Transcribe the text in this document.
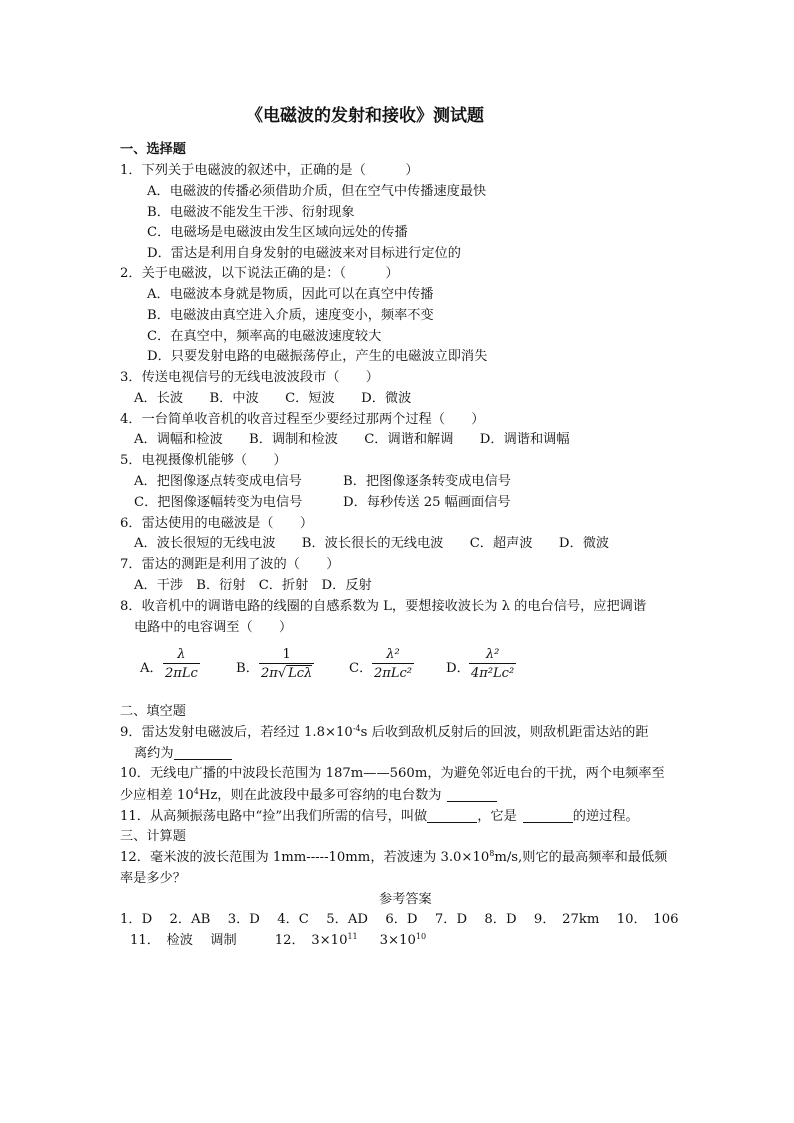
《电磁波的发射和接收》测试题
一、选择题
1．下列关于电磁波的叙述中，正确的是（　　　）
A．电磁波的传播必须借助介质，但在空气中传播速度最快
B．电磁波不能发生干涉、衍射现象
C．电磁场是电磁波由发生区域向远处的传播
D．雷达是利用自身发射的电磁波来对目标进行定位的
2．关于电磁波，以下说法正确的是：（　　　）
A．电磁波本身就是物质，因此可以在真空中传播
B．电磁波由真空进入介质，速度变小，频率不变
C．在真空中，频率高的电磁波速度较大
D．只要发射电路的电磁振荡停止，产生的电磁波立即消失
3．传送电视信号的无线电波波段市（　　）
A．长波　　B．中波　　C．短波　　D．微波
4．一台简单收音机的收音过程至少要经过那两个过程（　　）
A．调幅和检波　　B．调制和检波　　C．调谐和解调　　D．调谐和调幅
5．电视摄像机能够（　　）
A．把图像逐点转变成电信号	B．把图像逐条转变成电信号
C．把图像逐幅转变为电信号	D．每秒传送 25 幅画面信号
6．雷达使用的电磁波是（　　）
A．波长很短的无线电波　　B．波长很长的无线电波　　C．超声波　　D．微波
7．雷达的测距是利用了波的（　　）
A．干涉　B．衍射　C．折射　D．反射
8．收音机中的调谐电路的线圈的自感系数为 L，要想接收波长为 λ 的电台信号，应把调谐
电路中的电容调至（　　）
A．
λ
2πLc	B．
1
2π√ Lcλ	C．
λ²
2πLc²	D． $\frac{\text{λ²}}{\text{4π²Lc²}}$
二、填空题
9．雷达发射电磁波后，若经过 $1.8\times 10^{-4}s$ 后收到敌机反射后的回波，则敌机距雷达站的距
离约为
10．无线电广播的中波段长范围为 187m——560m，为避免邻近电台的干扰，两个电频率至
少应相差 $10^4Hz$，则在此波段中最多可容纳的电台数为
11．从高频振荡电路中“捡”出我们所需的信号，叫做	，它是	的逆过程。
三、计算题
12．毫米波的波长范围为 1mm-----10mm，若波速为 $3.0\times 10^8m/s$,则它的最高频率和最低频
率是多少？
参考答案
1．D　 2．AB　 3．D　 4．C　 5．AD　 6．D　 7．D　 8．D　 9．　27km　 10．　106
11．　检波　 调制	12．　$3\times 10^{11}$ $3\times 10^{10}$
